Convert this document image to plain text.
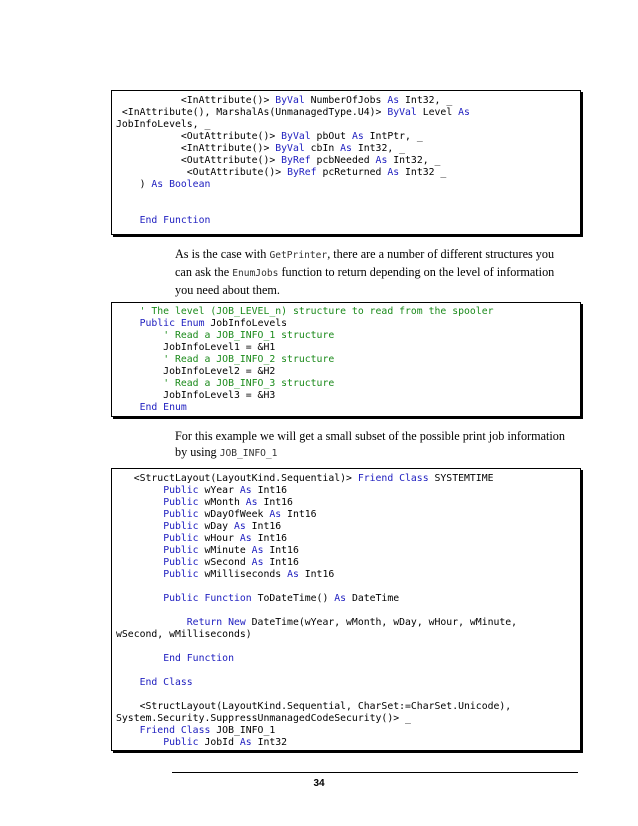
<InAttribute()> ByVal NumberOfJobs As Int32, _
<InAttribute(), MarshalAs(UnmanagedType.U4)> ByVal Level As
JobInfoLevels, _
<OutAttribute()> ByVal pbOut As IntPtr, _
<InAttribute()> ByVal cbIn As Int32, _
<OutAttribute()> ByRef pcbNeeded As Int32, _
<OutAttribute()> ByRef pcReturned As Int32 _
) As Boolean
End Function
As is the case with GetPrinter, there are a number of different structures you
can ask the EnumJobs function to return depending on the level of information
you need about them.
' The level (JOB_LEVEL_n) structure to read from the spooler
Public Enum JobInfoLevels
' Read a JOB_INFO_1 structure
JobInfoLevel1 = &H1
' Read a JOB_INFO_2 structure
JobInfoLevel2 = &H2
' Read a JOB_INFO_3 structure
JobInfoLevel3 = &H3
End Enum
For this example we will get a small subset of the possible print job information
by using JOB_INFO_1
<StructLayout(LayoutKind.Sequential)> Friend Class SYSTEMTIME
Public wYear As Int16
Public wMonth As Int16
Public wDayOfWeek As Int16
Public wDay As Int16
Public wHour As Int16
Public wMinute As Int16
Public wSecond As Int16
Public wMilliseconds As Int16
Public Function ToDateTime() As DateTime
Return New DateTime(wYear, wMonth, wDay, wHour, wMinute,
wSecond, wMilliseconds)
End Function
End Class
<StructLayout(LayoutKind.Sequential, CharSet:=CharSet.Unicode),
System.Security.SuppressUnmanagedCodeSecurity()> _
Friend Class JOB_INFO_1
Public JobId As Int32
34
